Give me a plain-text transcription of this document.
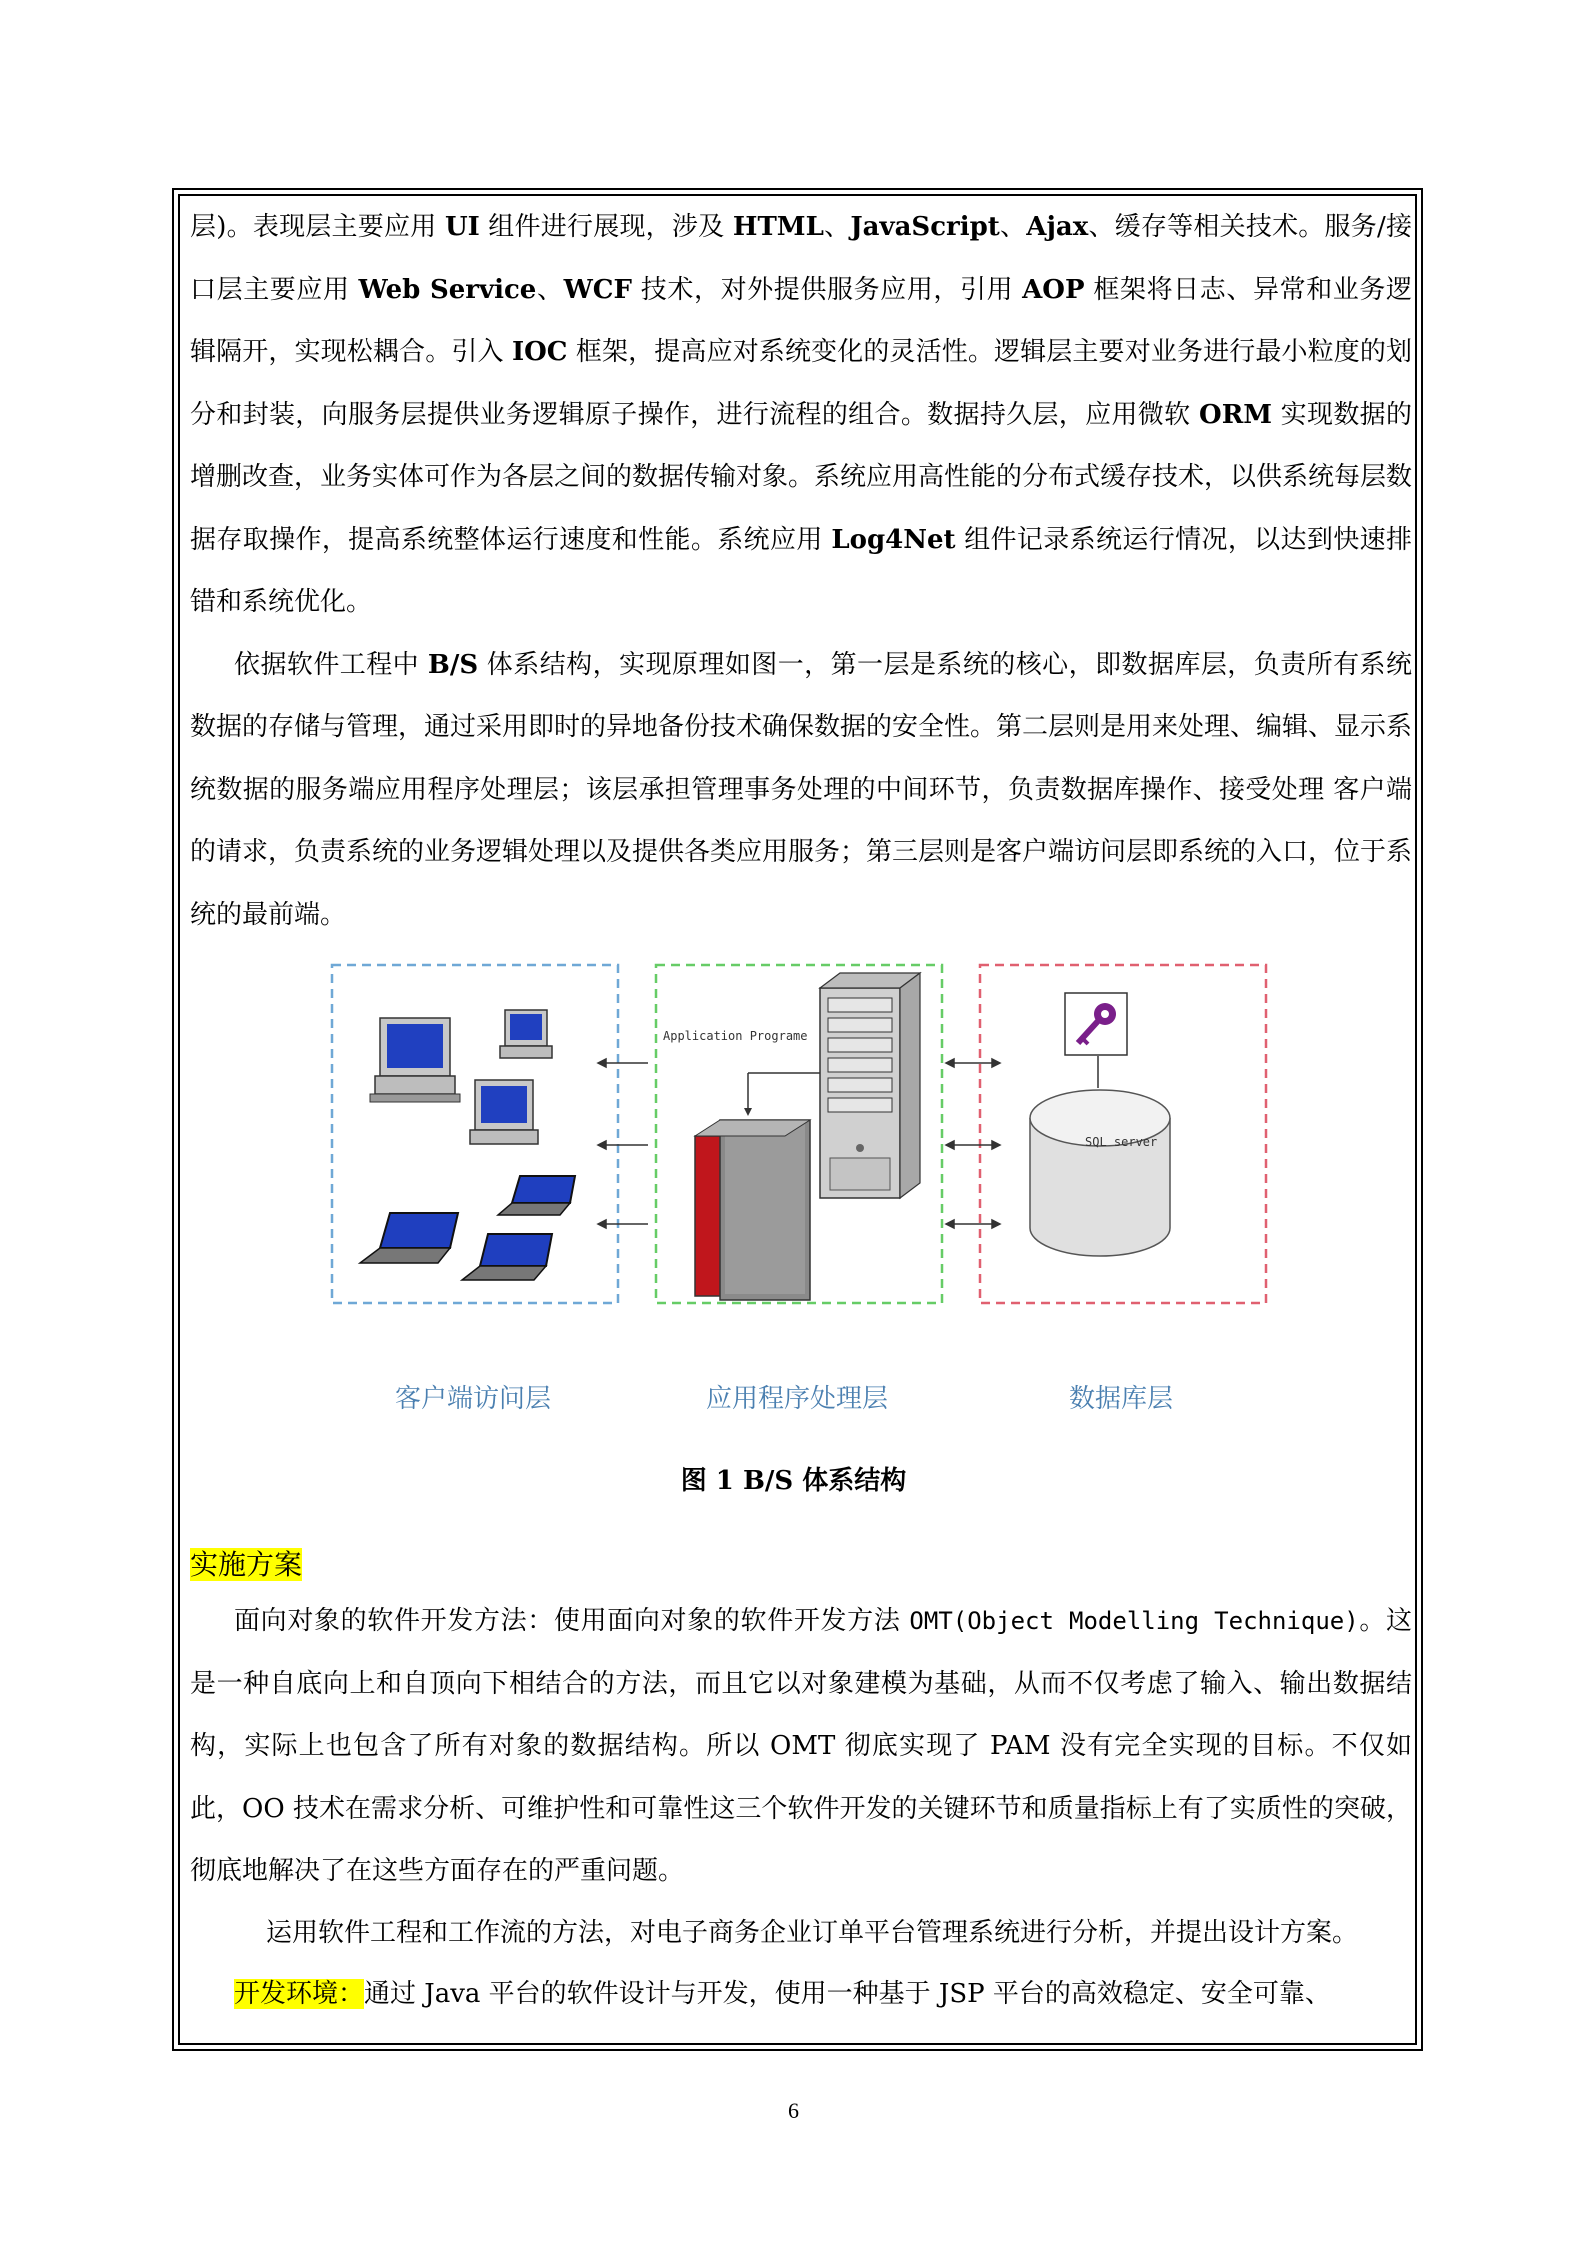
层)。表现层主要应用 UI 组件进行展现，涉及 HTML、JavaScript、Ajax、缓存等相关技术。服务/接口层主要应用 Web Service、WCF 技术，对外提供服务应用，引用 AOP 框架将日志、异常和业务逻辑隔开，实现松耦合。引入 IOC 框架，提高应对系统变化的灵活性。逻辑层主要对业务进行最小粒度的划分和封装，向服务层提供业务逻辑原子操作，进行流程的组合。数据持久层，应用微软 ORM 实现数据的增删改查，业务实体可作为各层之间的数据传输对象。系统应用高性能的分布式缓存技术，以供系统每层数据存取操作，提高系统整体运行速度和性能。系统应用 Log4Net 组件记录系统运行情况，以达到快速排错和系统优化。

依据软件工程中 B/S 体系结构，实现原理如图一，第一层是系统的核心，即数据库层，负责所有系统数据的存储与管理，通过采用即时的异地备份技术确保数据的安全性。第二层则是用来处理、编辑、显示系统数据的服务端应用程序处理层；该层承担管理事务处理的中间环节，负责数据库操作、接受处理 客户端的请求，负责系统的业务逻辑处理以及提供各类应用服务；第三层则是客户端访问层即系统的入口，位于系统的最前端。

Application Programe
SQL server
客户端访问层	应用程序处理层	数据库层
图 1 B/S 体系结构
实施方案

面向对象的软件开发方法：使用面向对象的软件开发方法 OMT(Object Modelling Technique)。这是一种自底向上和自顶向下相结合的方法，而且它以对象建模为基础，从而不仅考虑了输入、输出数据结构，实际上也包含了所有对象的数据结构。所以 OMT 彻底实现了 PAM 没有完全实现的目标。不仅如此，OO 技术在需求分析、可维护性和可靠性这三个软件开发的关键环节和质量指标上有了实质性的突破，彻底地解决了在这些方面存在的严重问题。

运用软件工程和工作流的方法，对电子商务企业订单平台管理系统进行分析，并提出设计方案。

开发环境：通过 Java 平台的软件设计与开发，使用一种基于 JSP 平台的高效稳定、安全可靠、

6
